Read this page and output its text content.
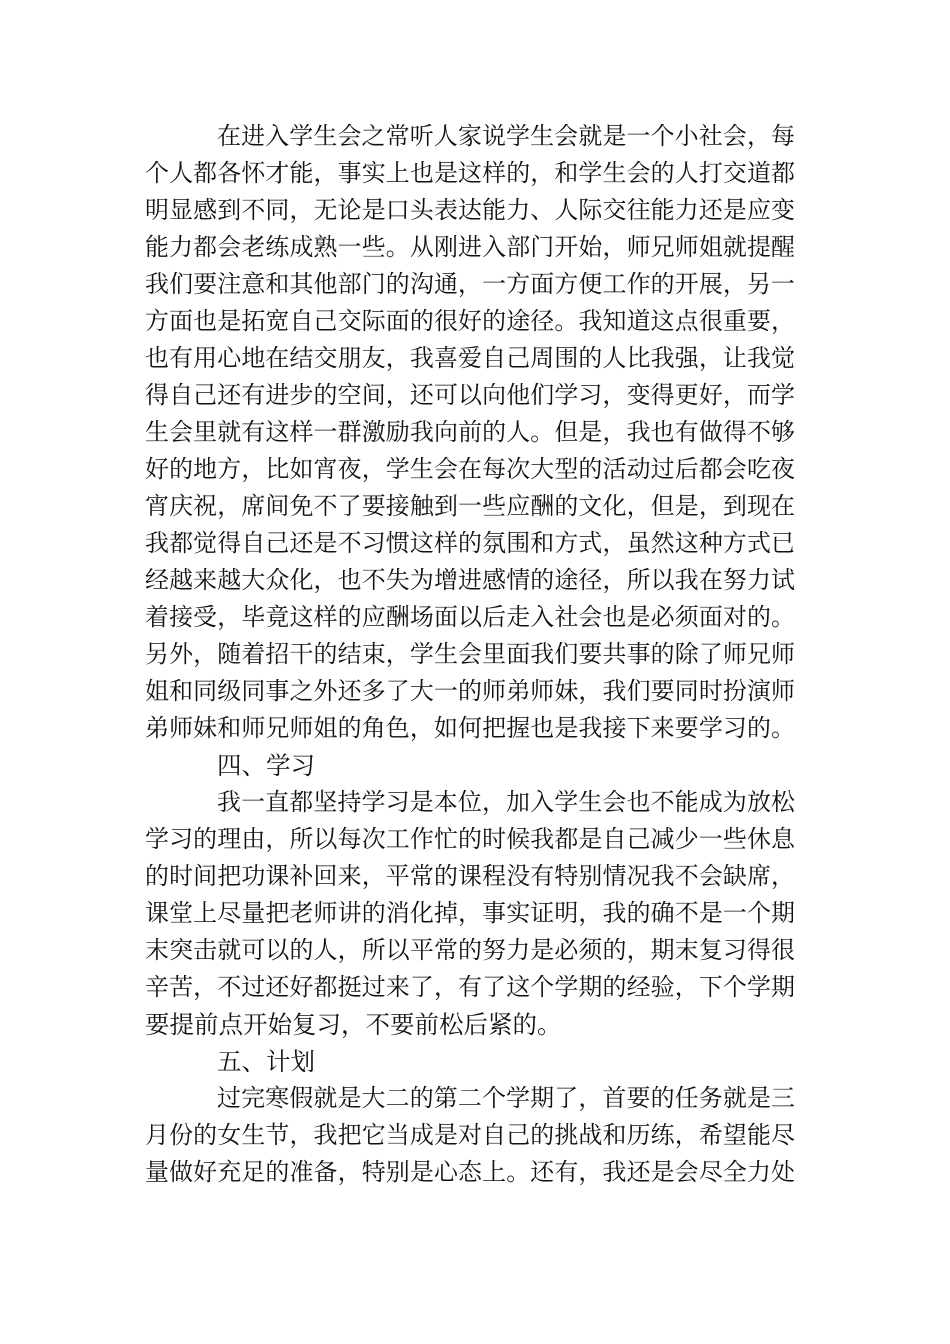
在进入学生会之常听人家说学生会就是一个小社会，每
个人都各怀才能，事实上也是这样的，和学生会的人打交道都
明显感到不同，无论是口头表达能力、人际交往能力还是应变
能力都会老练成熟一些。从刚进入部门开始，师兄师姐就提醒
我们要注意和其他部门的沟通，一方面方便工作的开展，另一
方面也是拓宽自己交际面的很好的途径。我知道这点很重要，
也有用心地在结交朋友，我喜爱自己周围的人比我强，让我觉
得自己还有进步的空间，还可以向他们学习，变得更好，而学
生会里就有这样一群激励我向前的人。但是，我也有做得不够
好的地方，比如宵夜，学生会在每次大型的活动过后都会吃夜
宵庆祝，席间免不了要接触到一些应酬的文化，但是，到现在
我都觉得自己还是不习惯这样的氛围和方式，虽然这种方式已
经越来越大众化，也不失为增进感情的途径，所以我在努力试
着接受，毕竟这样的应酬场面以后走入社会也是必须面对的。
另外，随着招干的结束，学生会里面我们要共事的除了师兄师
姐和同级同事之外还多了大一的师弟师妹，我们要同时扮演师
弟师妹和师兄师姐的角色，如何把握也是我接下来要学习的。
四、学习
我一直都坚持学习是本位，加入学生会也不能成为放松
学习的理由，所以每次工作忙的时候我都是自己减少一些休息
的时间把功课补回来，平常的课程没有特别情况我不会缺席，
课堂上尽量把老师讲的消化掉，事实证明，我的确不是一个期
末突击就可以的人，所以平常的努力是必须的，期末复习得很
辛苦，不过还好都挺过来了，有了这个学期的经验，下个学期
要提前点开始复习，不要前松后紧的。
五、计划
过完寒假就是大二的第二个学期了，首要的任务就是三
月份的女生节，我把它当成是对自己的挑战和历练，希望能尽
量做好充足的准备，特别是心态上。还有，我还是会尽全力处
